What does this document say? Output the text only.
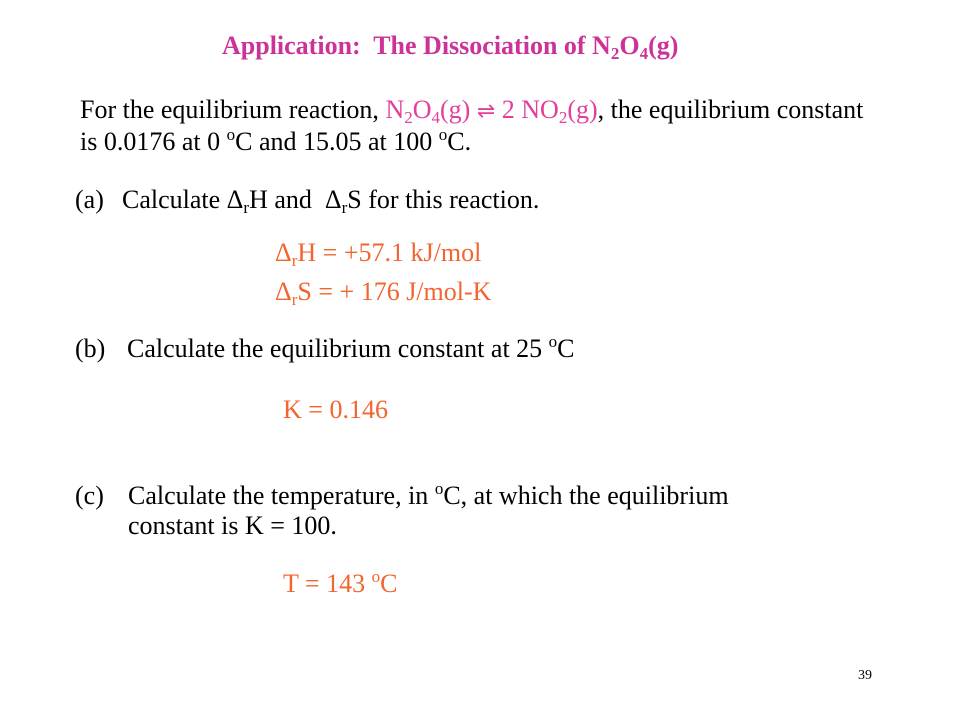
Application:  The Dissociation of N 2 O 4 (g)
For the equilibrium reaction, N 2 O 4 (g) ⇌ 2 NO 2 (g) , the equilibrium constant
is 0.0176 at 0 o C and 15.05 at 100 o C.
(a) Calculate Δ r H and  Δ r S for this reaction.
Δ r H = +57.1 kJ/mol
Δ r S = + 176 J/mol-K
(b) Calculate the equilibrium constant at 25 o C
K = 0.146
(c) Calculate the temperature, in o C, at which the equilibrium
constant is K = 100.
T = 143 o C
39
